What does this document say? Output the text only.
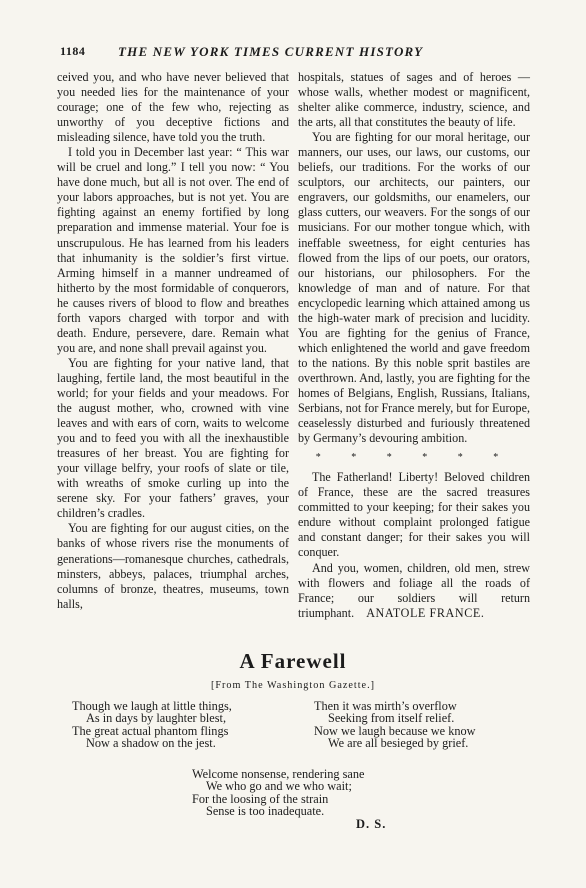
1184	THE NEW YORK TIMES CURRENT HISTORY

ceived you, and who have never believed that you needed lies for the maintenance of your courage; one of the few who, rejecting as unworthy of you deceptive fictions and misleading silence, have told you the truth.

I told you in December last year: “ This war will be cruel and long.” I tell you now: “ You have done much, but all is not over. The end of your labors approaches, but is not yet. You are fighting against an enemy fortified by long preparation and immense material. Your foe is unscrupulous. He has learned from his leaders that inhumanity is the soldier’s first virtue. Arming himself in a manner undreamed of hitherto by the most formidable of conquerors, he causes rivers of blood to flow and breathes forth vapors charged with torpor and with death. Endure, persevere, dare. Remain what you are, and none shall prevail against you.

You are fighting for your native land, that laughing, fertile land, the most beautiful in the world; for your fields and your meadows. For the august mother, who, crowned with vine leaves and with ears of corn, waits to welcome you and to feed you with all the inexhaustible treasures of her breast. You are fighting for your village belfry, your roofs of slate or tile, with wreaths of smoke curling up into the serene sky. For your fathers’ graves, your children’s cradles.

You are fighting for our august cities, on the banks of whose rivers rise the monuments of generations—romanesque churches, cathedrals, minsters, abbeys, palaces, triumphal arches, columns of bronze, theatres, museums, town halls,

hospitals, statues of sages and of heroes —whose walls, whether modest or magnificent, shelter alike commerce, industry, science, and the arts, all that constitutes the beauty of life.

You are fighting for our moral heritage, our manners, our uses, our laws, our customs, our beliefs, our traditions. For the works of our sculptors, our architects, our painters, our engravers, our goldsmiths, our enamelers, our glass cutters, our weavers. For the songs of our musicians. For our mother tongue which, with ineffable sweetness, for eight centuries has flowed from the lips of our poets, our orators, our historians, our philosophers. For the knowledge of man and of nature. For that encyclopedic learning which attained among us the high-water mark of precision and lucidity. You are fighting for the genius of France, which enlightened the world and gave freedom to the nations. By this noble sprit bastiles are overthrown. And, lastly, you are fighting for the homes of Belgians, English, Russians, Italians, Serbians, not for France merely, but for Europe, ceaselessly disturbed and furiously threatened by Germany’s devouring ambition.

* * * * * *

The Fatherland! Liberty! Beloved children of France, these are the sacred treasures committed to your keeping; for their sakes you endure without complaint prolonged fatigue and constant danger; for their sakes you will conquer.

And you, women, children, old men, strew with flowers and foliage all the roads of France; our soldiers will return triumphant. ANATOLE FRANCE.

A Farewell
[From The Washington Gazette.]
Though we laugh at little things,
As in days by laughter blest,
The great actual phantom flings
Now a shadow on the jest.
Then it was mirth’s overflow
Seeking from itself relief.
Now we laugh because we know
We are all besieged by grief.
Welcome nonsense, rendering sane
We who go and we who wait;
For the loosing of the strain
Sense is too inadequate.
D. S.
